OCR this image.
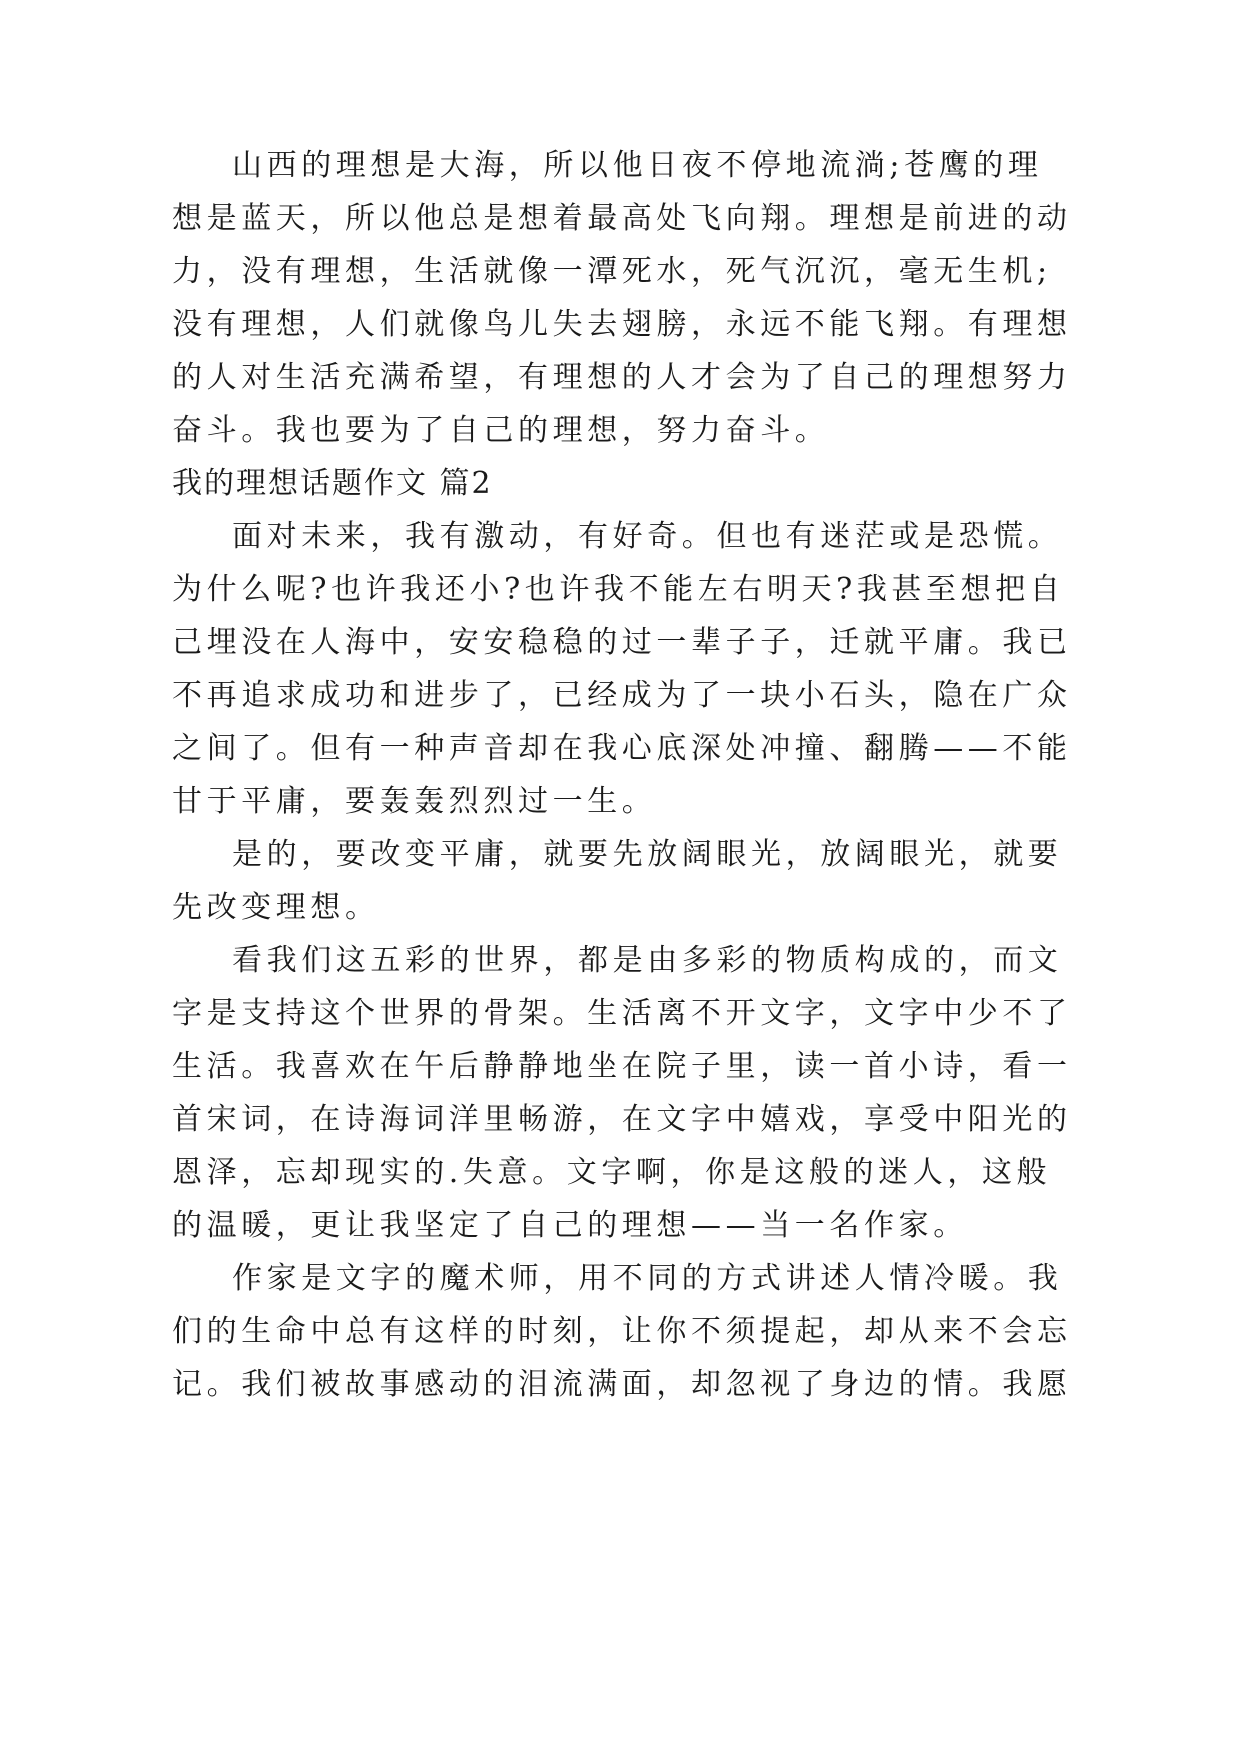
山西的理想是大海，所以他日夜不停地流淌;苍鹰的理
想是蓝天，所以他总是想着最高处飞向翔。理想是前进的动
力，没有理想，生活就像一潭死水，死气沉沉，毫无生机;
没有理想，人们就像鸟儿失去翅膀，永远不能飞翔。有理想
的人对生活充满希望，有理想的人才会为了自己的理想努力
奋斗。我也要为了自己的理想，努力奋斗。
我的理想话题作文 篇2
面对未来，我有激动，有好奇。但也有迷茫或是恐慌。
为什么呢?也许我还小?也许我不能左右明天?我甚至想把自
己埋没在人海中，安安稳稳的过一辈子子，迁就平庸。我已
不再追求成功和进步了，已经成为了一块小石头，隐在广众
之间了。但有一种声音却在我心底深处冲撞、翻腾——不能
甘于平庸，要轰轰烈烈过一生。
是的，要改变平庸，就要先放阔眼光，放阔眼光，就要
先改变理想。
看我们这五彩的世界，都是由多彩的物质构成的，而文
字是支持这个世界的骨架。生活离不开文字，文字中少不了
生活。我喜欢在午后静静地坐在院子里，读一首小诗，看一
首宋词，在诗海词洋里畅游，在文字中嬉戏，享受中阳光的
恩泽，忘却现实的.失意。文字啊，你是这般的迷人，这般
的温暖，更让我坚定了自己的理想——当一名作家。
作家是文字的魔术师，用不同的方式讲述人情冷暖。我
们的生命中总有这样的时刻，让你不须提起，却从来不会忘
记。我们被故事感动的泪流满面，却忽视了身边的情。我愿
